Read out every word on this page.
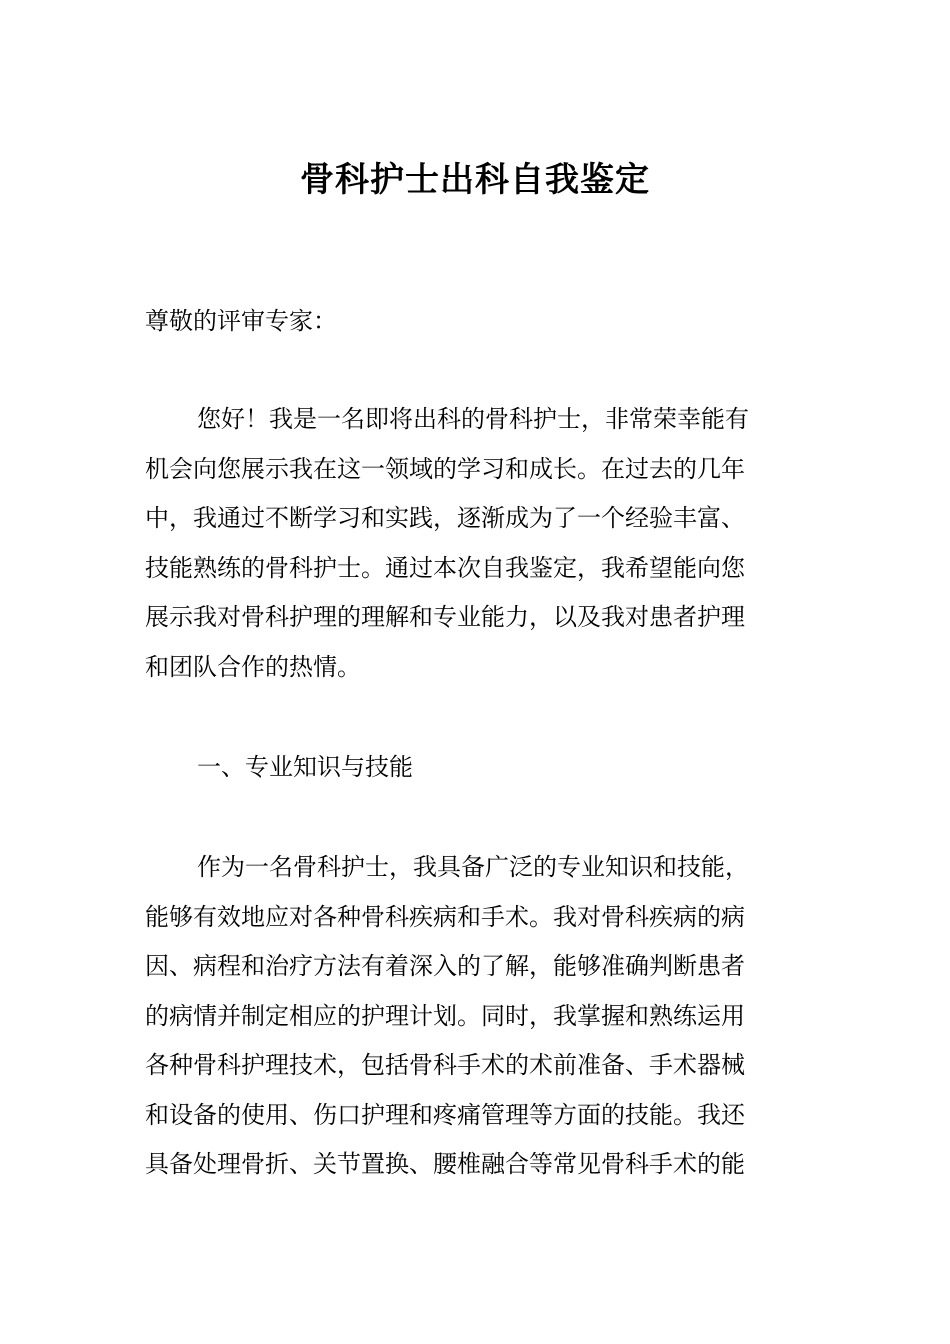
骨科护士出科自我鉴定
尊敬的评审专家：
您好！我是一名即将出科的骨科护士，非常荣幸能有
机会向您展示我在这一领域的学习和成长。在过去的几年
中，我通过不断学习和实践，逐渐成为了一个经验丰富、
技能熟练的骨科护士。通过本次自我鉴定，我希望能向您
展示我对骨科护理的理解和专业能力，以及我对患者护理
和团队合作的热情。
一、专业知识与技能
作为一名骨科护士，我具备广泛的专业知识和技能，
能够有效地应对各种骨科疾病和手术。我对骨科疾病的病
因、病程和治疗方法有着深入的了解，能够准确判断患者
的病情并制定相应的护理计划。同时，我掌握和熟练运用
各种骨科护理技术，包括骨科手术的术前准备、手术器械
和设备的使用、伤口护理和疼痛管理等方面的技能。我还
具备处理骨折、关节置换、腰椎融合等常见骨科手术的能
